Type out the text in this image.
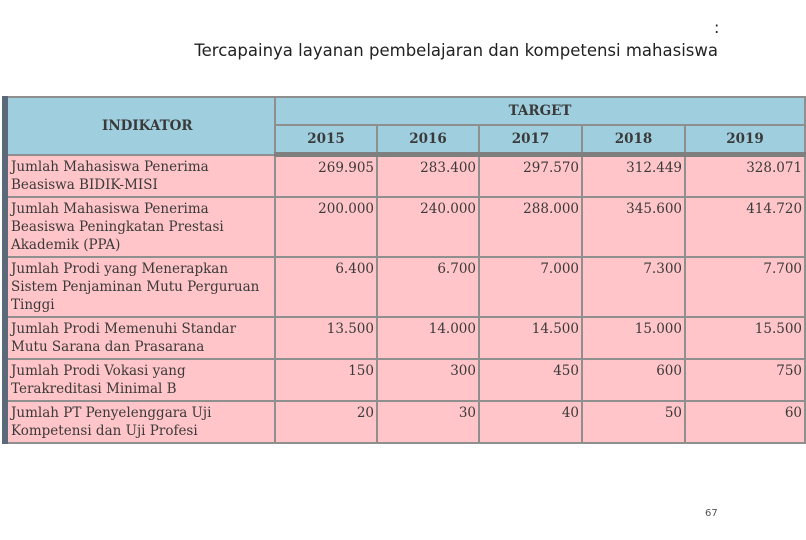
:
Tercapainya layanan pembelajaran dan kompetensi mahasiswa
INDIKATOR	TARGET				
	2015	2016	2017	2018	2019
Jumlah Mahasiswa Penerima Beasiswa BIDIK-MISI	269.905	283.400	297.570	312.449	328.071
Jumlah Mahasiswa Penerima Beasiswa Peningkatan Prestasi Akademik (PPA)	200.000	240.000	288.000	345.600	414.720
Jumlah Prodi yang Menerapkan Sistem Penjaminan Mutu Perguruan Tinggi	6.400	6.700	7.000	7.300	7.700
Jumlah Prodi Memenuhi Standar Mutu Sarana dan Prasarana	13.500	14.000	14.500	15.000	15.500
Jumlah Prodi Vokasi yang Terakreditasi Minimal B	150	300	450	600	750
Jumlah PT Penyelenggara Uji Kompetensi dan Uji Profesi	20	30	40	50	60
67
